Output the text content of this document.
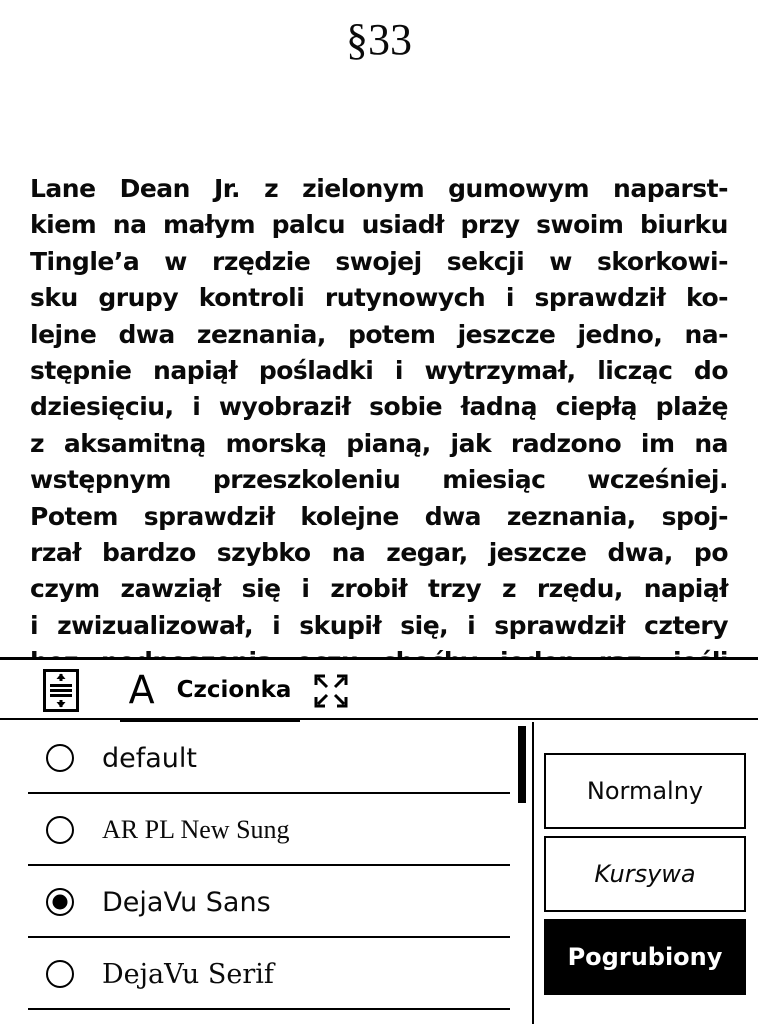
§33
Lane Dean Jr. z zielonym gumowym naparst-
kiem na małym palcu usiadł przy swoim biurku
Tingle’a w rzędzie swojej sekcji w skorkowi-
sku grupy kontroli rutynowych i sprawdził ko-
lejne dwa zeznania, potem jeszcze jedno, na-
stępnie napiął pośladki i wytrzymał, licząc do
dziesięciu, i wyobraził sobie ładną ciepłą plażę
z aksamitną morską pianą, jak radzono im na
wstępnym przeszkoleniu miesiąc wcześniej.
Potem sprawdził kolejne dwa zeznania, spoj-
rzał bardzo szybko na zegar, jeszcze dwa, po
czym zawziął się i zrobił trzy z rzędu, napiął
i zwizualizował, i skupił się, i sprawdził cztery
A Czcionka
default
AR PL New Sung
DejaVu Sans
DejaVu Serif
Normalny
Kursywa
Pogrubiony
